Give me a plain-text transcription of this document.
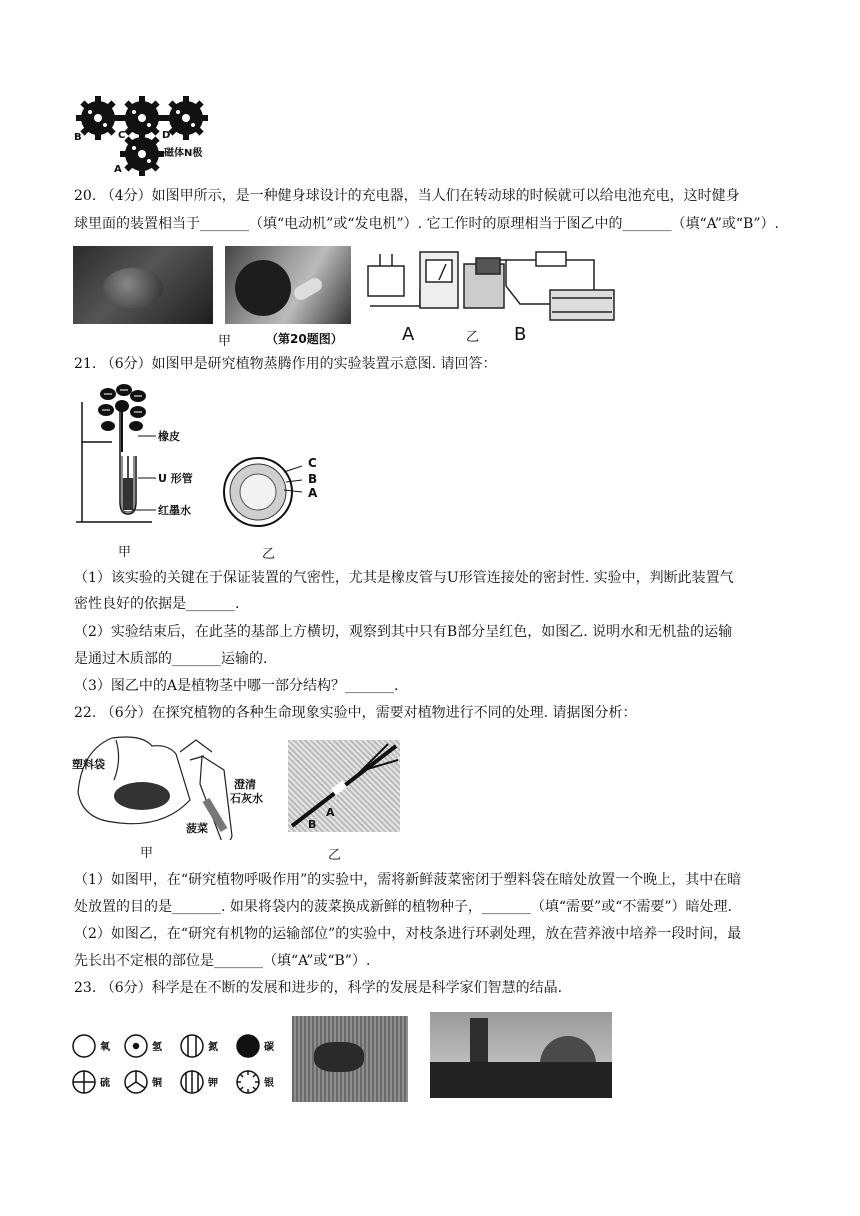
B	C	D
A
磁体N极
20. （4分）如图甲所示，是一种健身球设计的充电器，当人们在转动球的时候就可以给电池充电，这时健身
球里面的装置相当于_______（填“电动机”或“发电机”）. 它工作时的原理相当于图乙中的_______（填“A”或“B”）.
甲	（第20题图）	A	乙 B
21. （6分）如图甲是研究植物蒸腾作用的实验装置示意图. 请回答：
橡皮
U 形管
红墨水
C
B
A
甲	乙
（1）该实验的关键在于保证装置的气密性，尤其是橡皮管与U形管连接处的密封性. 实验中，判断此装置气
密性良好的依据是_______.
（2）实验结束后，在此茎的基部上方横切，观察到其中只有B部分呈红色，如图乙. 说明水和无机盐的运输
是通过木质部的_______运输的.
（3）图乙中的A是植物茎中哪一部分结构？_______.
22. （6分）在探究植物的各种生命现象实验中，需要对植物进行不同的处理. 请据图分析：
塑料袋
澄清
石灰水
菠菜
A
B
甲	乙
（1）如图甲，在“研究植物呼吸作用”的实验中，需将新鲜菠菜密闭于塑料袋在暗处放置一个晚上，其中在暗
处放置的目的是_______. 如果将袋内的菠菜换成新鲜的植物种子，_______（填“需要”或“不需要”）暗处理.
（2）如图乙，在“研究有机物的运输部位”的实验中，对枝条进行环剥处理，放在营养液中培养一段时间，最
先长出不定根的部位是_______（填“A”或“B”）.
23. （6分）科学是在不断的发展和进步的，科学的发展是科学家们智慧的结晶.
氧	氢	氮	碳
硫	铜	钾	银
